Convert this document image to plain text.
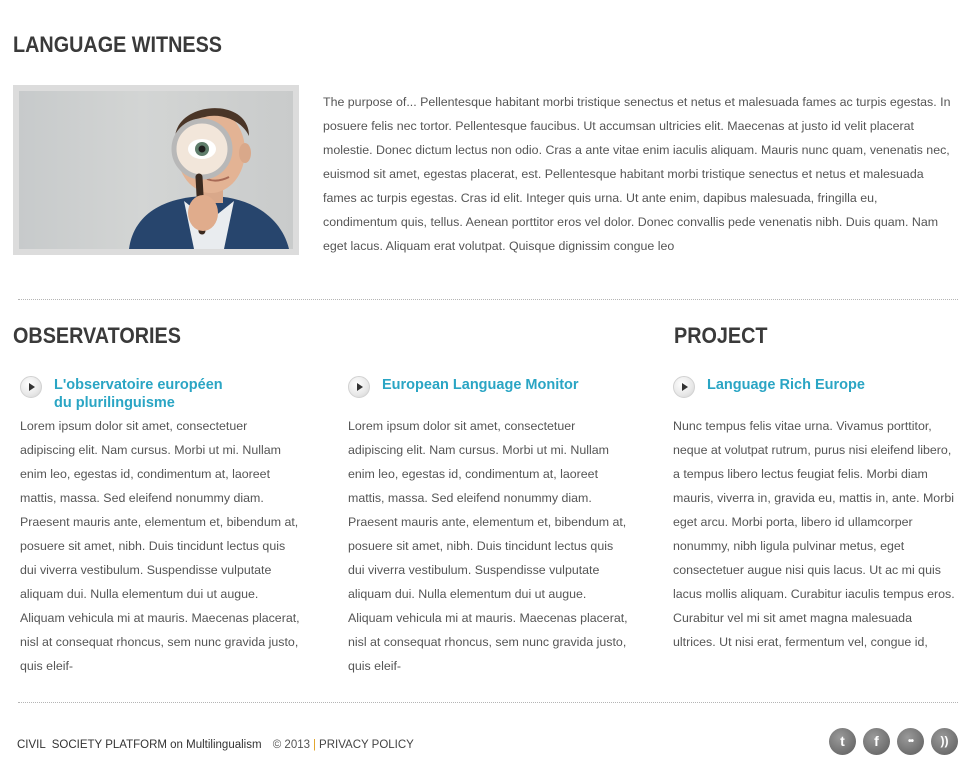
LANGUAGE WITNESS

The purpose of... Pellentesque habitant morbi tristique senectus et netus et malesuada fames ac turpis egestas. In posuere felis nec tortor. Pellentesque faucibus. Ut accumsan ultricies elit. Maecenas at justo id velit placerat molestie. Donec dictum lectus non odio. Cras a ante vitae enim iaculis aliquam. Mauris nunc quam, venenatis nec, euismod sit amet, egestas placerat, est. Pellentesque habitant morbi tristique senectus et netus et malesuada fames ac turpis egestas. Cras id elit. Integer quis urna. Ut ante enim, dapibus malesuada, fringilla eu, condimentum quis, tellus. Aenean porttitor eros vel dolor. Donec convallis pede venenatis nibh. Duis quam. Nam eget lacus. Aliquam erat volutpat. Quisque dignissim congue leo

OBSERVATORIES	PROJECT
L'observatoire européen
du plurilinguisme

Lorem ipsum dolor sit amet, consectetuer adipiscing elit. Nam cursus. Morbi ut mi. Nullam enim leo, egestas id, condimentum at, laoreet mattis, massa. Sed eleifend nonummy diam. Praesent mauris ante, elementum et, bibendum at, posuere sit amet, nibh. Duis tincidunt lectus quis dui viverra vestibulum. Suspendisse vulputate aliquam dui. Nulla elementum dui ut augue. Aliquam vehicula mi at mauris. Maecenas placerat, nisl at consequat rhoncus, sem nunc gravida justo, quis eleif-

European Language Monitor

Lorem ipsum dolor sit amet, consectetuer adipiscing elit. Nam cursus. Morbi ut mi. Nullam enim leo, egestas id, condimentum at, laoreet mattis, massa. Sed eleifend nonummy diam. Praesent mauris ante, elementum et, bibendum at, posuere sit amet, nibh. Duis tincidunt lectus quis dui viverra vestibulum. Suspendisse vulputate aliquam dui. Nulla elementum dui ut augue. Aliquam vehicula mi at mauris. Maecenas placerat, nisl at consequat rhoncus, sem nunc gravida justo, quis eleif-

Language Rich Europe

Nunc tempus felis vitae urna. Vivamus porttitor, neque at volutpat rutrum, purus nisi eleifend libero, a tempus libero lectus feugiat felis. Morbi diam mauris, viverra in, gravida eu, mattis in, ante. Morbi eget arcu. Morbi porta, libero id ullamcorper nonummy, nibh ligula pulvinar metus, eget consectetuer augue nisi quis lacus. Ut ac mi quis lacus mollis aliquam. Curabitur iaculis tempus eros. Curabitur vel mi sit amet magna malesuada ultrices. Ut nisi erat, fermentum vel, congue id,

CIVIL  SOCIETY PLATFORM on Multilingualism © 2013 | PRIVACY POLICY	t	f	••	))
